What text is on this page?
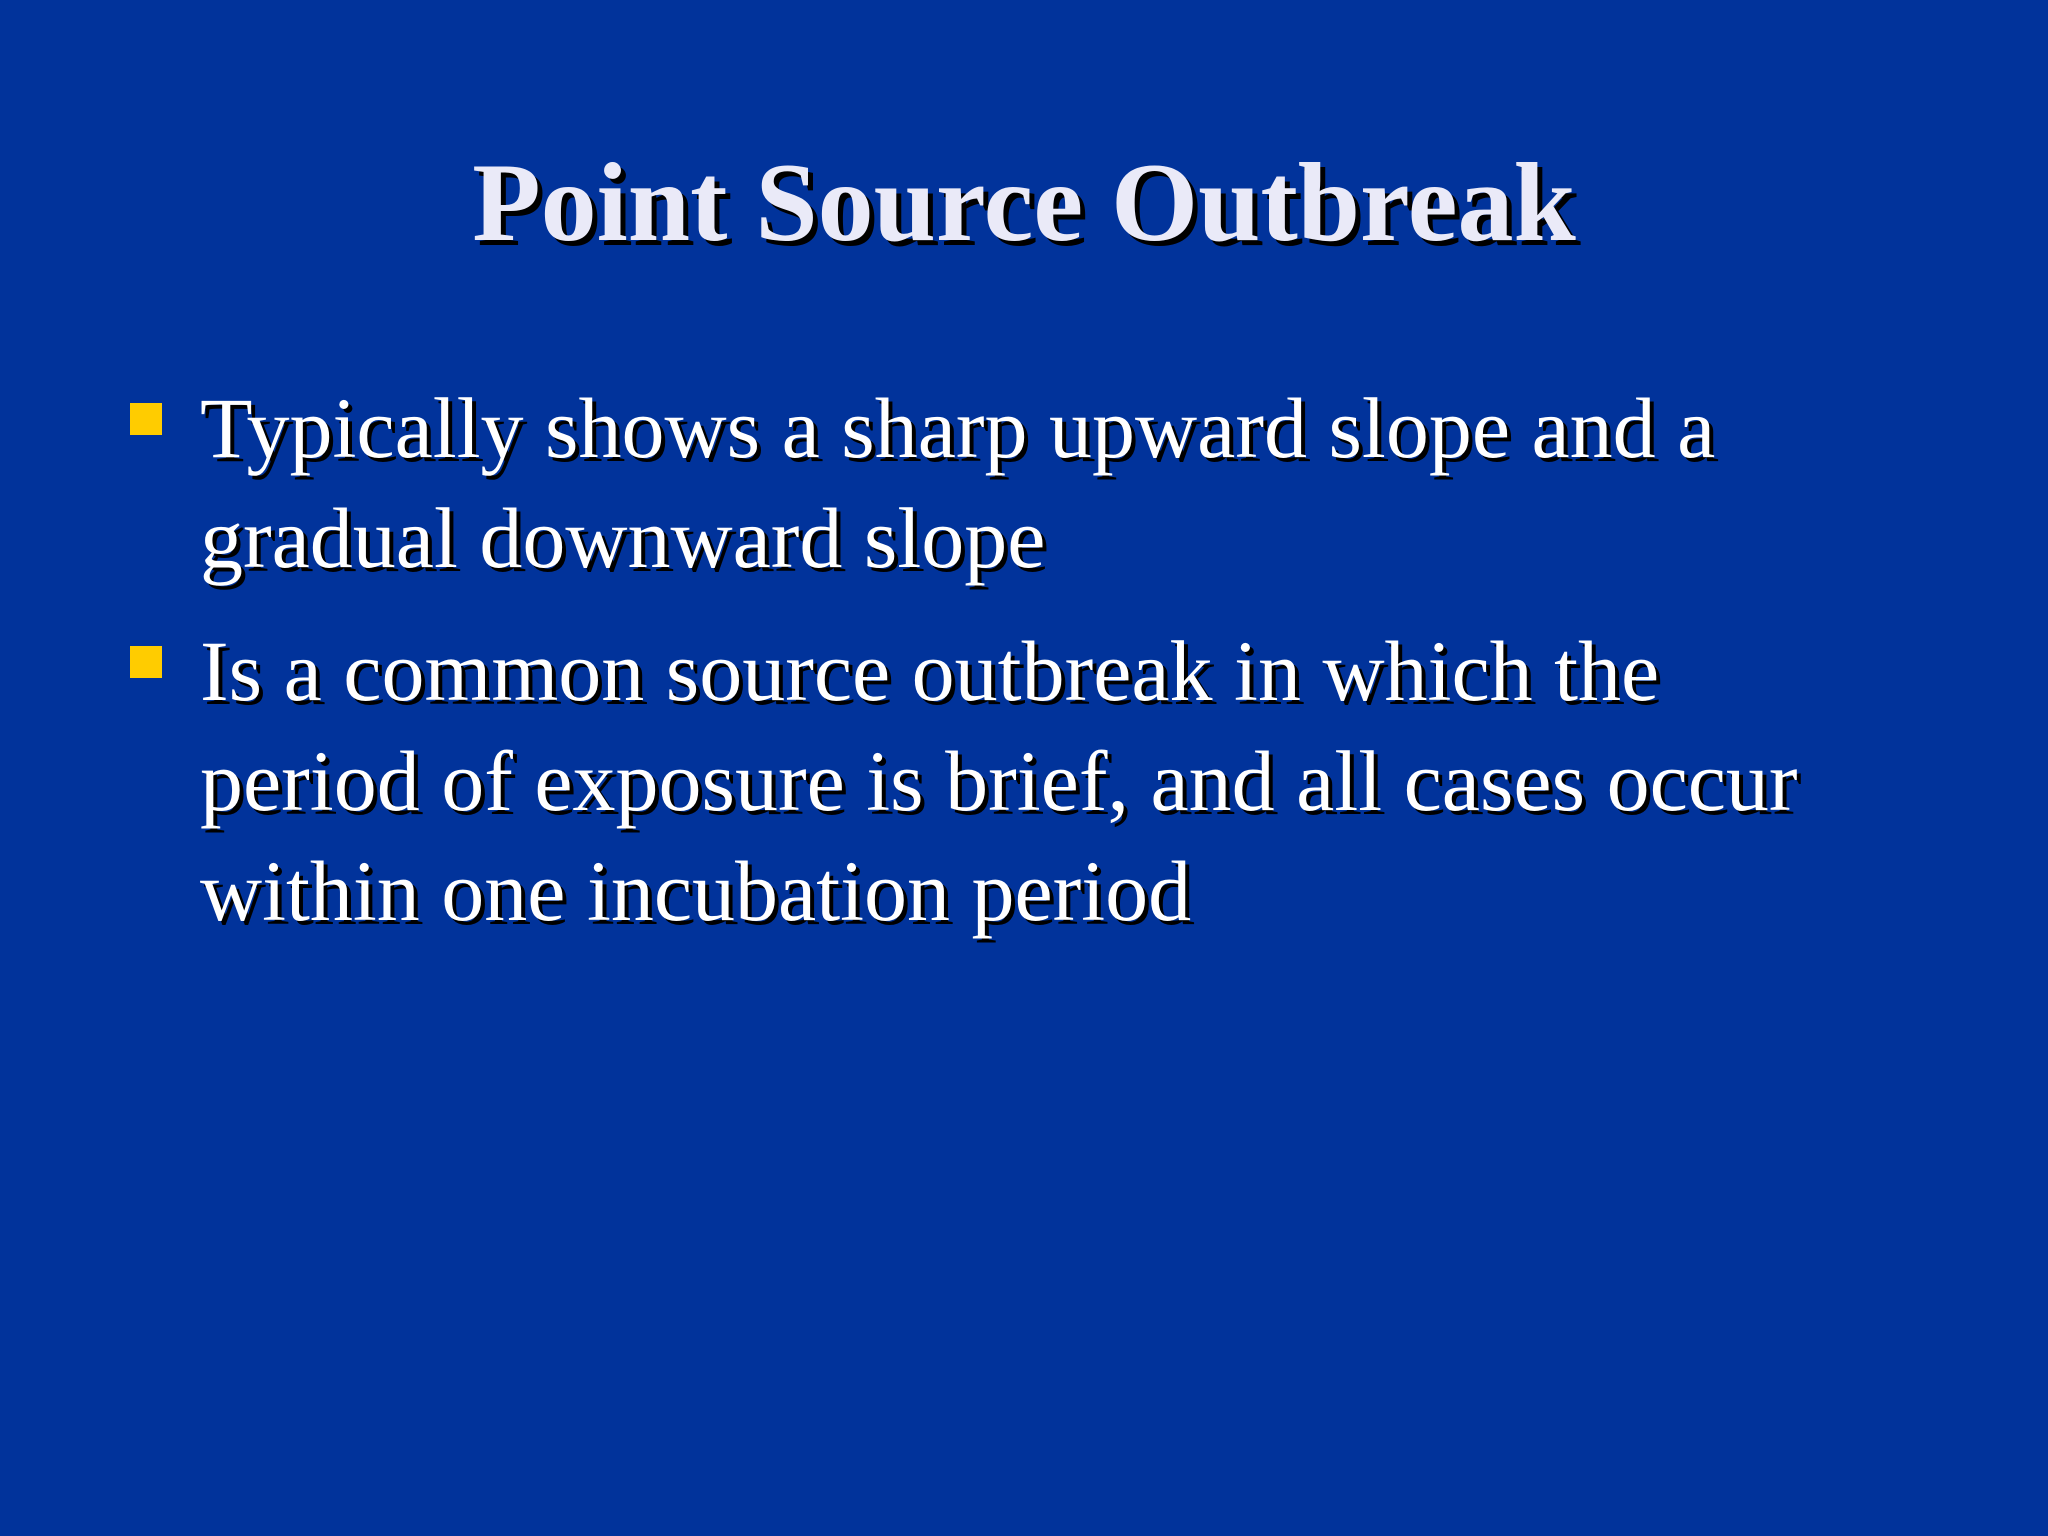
Point Source Outbreak
Typically shows a sharp upward slope and a
gradual downward slope
Is a common source outbreak in which the
period of exposure is brief, and all cases occur
within one incubation period
